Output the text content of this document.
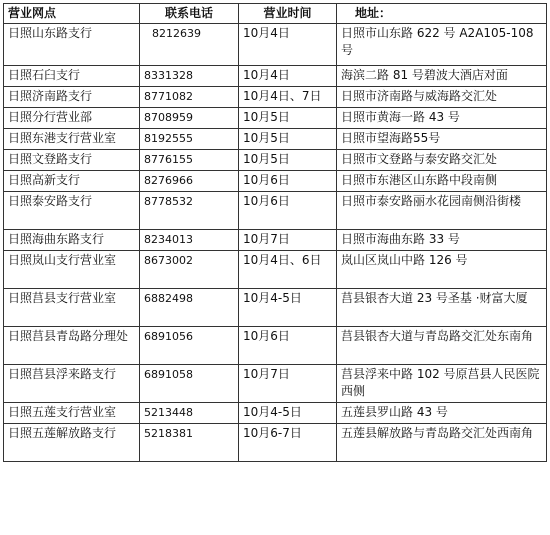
营业网点	联系电话	营业时间	地址：
日照山东路支行	8212639	10月4日	日照市山东路 622 号 A2A105-108 号
日照石臼支行	8331328	10月4日	海滨二路 81 号碧波大酒店对面
日照济南路支行	8771082	10月4日、7日	日照市济南路与威海路交汇处
日照分行营业部	8708959	10月5日	日照市黄海一路 43 号
日照东港支行营业室	8192555	10月5日	日照市望海路55号
日照文登路支行	8776155	10月5日	日照市文登路与泰安路交汇处
日照高新支行	8276966	10月6日	日照市东港区山东路中段南侧
日照泰安路支行	8778532	10月6日	日照市泰安路丽水花园南侧沿街楼
日照海曲东路支行	8234013	10月7日	日照市海曲东路 33 号
日照岚山支行营业室	8673002	10月4日、6日	岚山区岚山中路 126 号
日照莒县支行营业室	6882498	10月4-5日	莒县银杏大道 23 号圣基 ·财富大厦
日照莒县青岛路分理处	6891056	10月6日	莒县银杏大道与青岛路交汇处东南角
日照莒县浮来路支行	6891058	10月7日	莒县浮来中路 102 号原莒县人民医院西侧
日照五莲支行营业室	5213448	10月4-5日	五莲县罗山路 43 号
日照五莲解放路支行	5218381	10月6-7日	五莲县解放路与青岛路交汇处西南角
